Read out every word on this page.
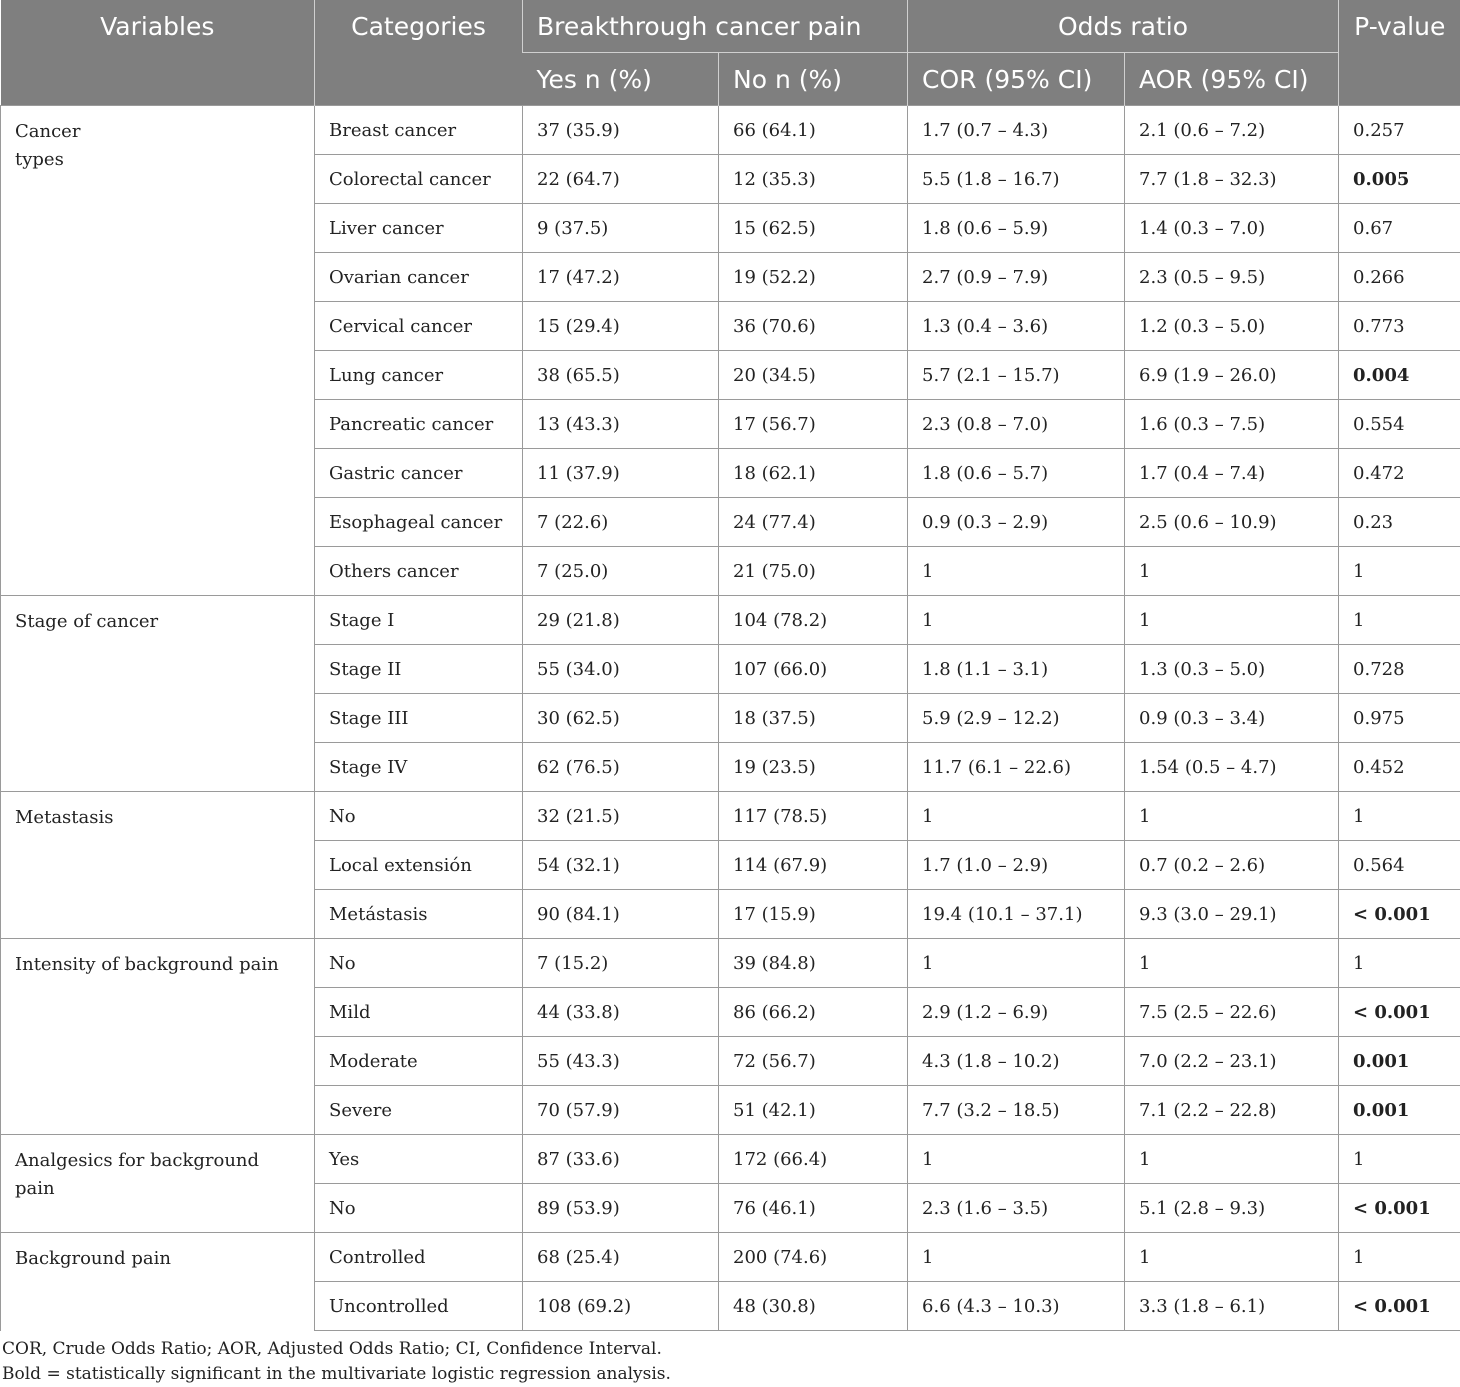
Variables	Categories	Breakthrough cancer pain		Odds ratio		P-value
		Yes n (%)	No n (%)	COR (95% CI)	AOR (95% CI)	
Cancer types	Breast cancer	37 (35.9)	66 (64.1)	1.7 (0.7 – 4.3)	2.1 (0.6 – 7.2)	0.257
	Colorectal cancer	22 (64.7)	12 (35.3)	5.5 (1.8 – 16.7)	7.7 (1.8 – 32.3)	0.005
	Liver cancer	9 (37.5)	15 (62.5)	1.8 (0.6 – 5.9)	1.4 (0.3 – 7.0)	0.67
	Ovarian cancer	17 (47.2)	19 (52.2)	2.7 (0.9 – 7.9)	2.3 (0.5 – 9.5)	0.266
	Cervical cancer	15 (29.4)	36 (70.6)	1.3 (0.4 – 3.6)	1.2 (0.3 – 5.0)	0.773
	Lung cancer	38 (65.5)	20 (34.5)	5.7 (2.1 – 15.7)	6.9 (1.9 – 26.0)	0.004
	Pancreatic cancer	13 (43.3)	17 (56.7)	2.3 (0.8 – 7.0)	1.6 (0.3 – 7.5)	0.554
	Gastric cancer	11 (37.9)	18 (62.1)	1.8 (0.6 – 5.7)	1.7 (0.4 – 7.4)	0.472
	Esophageal cancer	7 (22.6)	24 (77.4)	0.9 (0.3 – 2.9)	2.5 (0.6 – 10.9)	0.23
	Others cancer	7 (25.0)	21 (75.0)	1	1	1
Stage of cancer	Stage I	29 (21.8)	104 (78.2)	1	1	1
	Stage II	55 (34.0)	107 (66.0)	1.8 (1.1 – 3.1)	1.3 (0.3 – 5.0)	0.728
	Stage III	30 (62.5)	18 (37.5)	5.9 (2.9 – 12.2)	0.9 (0.3 – 3.4)	0.975
	Stage IV	62 (76.5)	19 (23.5)	11.7 (6.1 – 22.6)	1.54 (0.5 – 4.7)	0.452
Metastasis	No	32 (21.5)	117 (78.5)	1	1	1
	Local extensión	54 (32.1)	114 (67.9)	1.7 (1.0 – 2.9)	0.7 (0.2 – 2.6)	0.564
	Metástasis	90 (84.1)	17 (15.9)	19.4 (10.1 – 37.1)	9.3 (3.0 – 29.1)	< 0.001
Intensity of background pain	No	7 (15.2)	39 (84.8)	1	1	1
	Mild	44 (33.8)	86 (66.2)	2.9 (1.2 – 6.9)	7.5 (2.5 – 22.6)	< 0.001
	Moderate	55 (43.3)	72 (56.7)	4.3 (1.8 – 10.2)	7.0 (2.2 – 23.1)	0.001
	Severe	70 (57.9)	51 (42.1)	7.7 (3.2 – 18.5)	7.1 (2.2 – 22.8)	0.001
Analgesics for background pain	Yes	87 (33.6)	172 (66.4)	1	1	1
	No	89 (53.9)	76 (46.1)	2.3 (1.6 – 3.5)	5.1 (2.8 – 9.3)	< 0.001
Background pain	Controlled	68 (25.4)	200 (74.6)	1	1	1
	Uncontrolled	108 (69.2)	48 (30.8)	6.6 (4.3 – 10.3)	3.3 (1.8 – 6.1)	< 0.001
COR, Crude Odds Ratio; AOR, Adjusted Odds Ratio; CI, Confidence Interval.
Bold = statistically significant in the multivariate logistic regression analysis.
